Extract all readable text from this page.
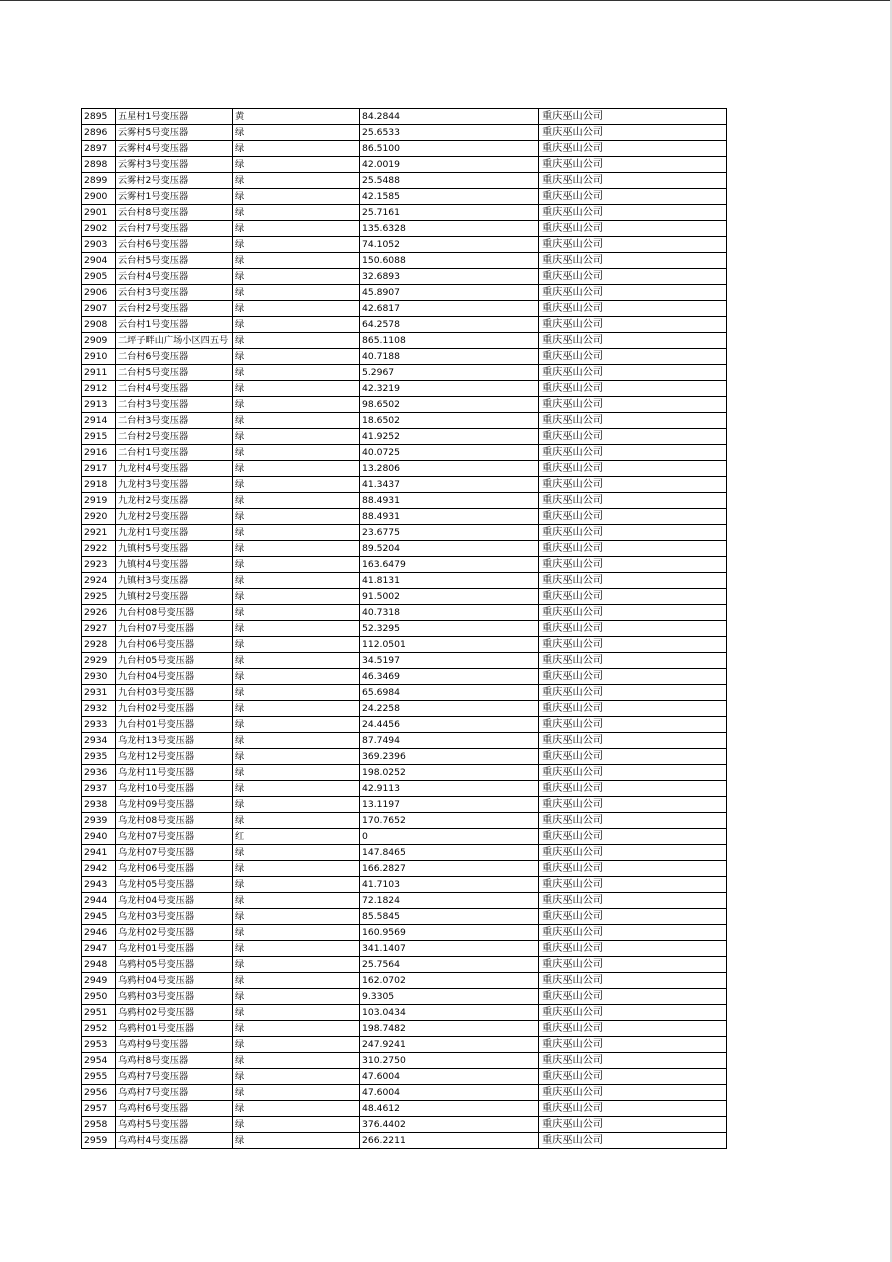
2895	五星村1号变压器	黄	84.2844	重庆巫山公司
2896	云雾村5号变压器	绿	25.6533	重庆巫山公司
2897	云雾村4号变压器	绿	86.5100	重庆巫山公司
2898	云雾村3号变压器	绿	42.0019	重庆巫山公司
2899	云雾村2号变压器	绿	25.5488	重庆巫山公司
2900	云雾村1号变压器	绿	42.1585	重庆巫山公司
2901	云台村8号变压器	绿	25.7161	重庆巫山公司
2902	云台村7号变压器	绿	135.6328	重庆巫山公司
2903	云台村6号变压器	绿	74.1052	重庆巫山公司
2904	云台村5号变压器	绿	150.6088	重庆巫山公司
2905	云台村4号变压器	绿	32.6893	重庆巫山公司
2906	云台村3号变压器	绿	45.8907	重庆巫山公司
2907	云台村2号变压器	绿	42.6817	重庆巫山公司
2908	云台村1号变压器	绿	64.2578	重庆巫山公司
2909	二坪子畔山广场小区四五号	绿	865.1108	重庆巫山公司
2910	二台村6号变压器	绿	40.7188	重庆巫山公司
2911	二台村5号变压器	绿	5.2967	重庆巫山公司
2912	二台村4号变压器	绿	42.3219	重庆巫山公司
2913	二台村3号变压器	绿	98.6502	重庆巫山公司
2914	二台村3号变压器	绿	18.6502	重庆巫山公司
2915	二台村2号变压器	绿	41.9252	重庆巫山公司
2916	二台村1号变压器	绿	40.0725	重庆巫山公司
2917	九龙村4号变压器	绿	13.2806	重庆巫山公司
2918	九龙村3号变压器	绿	41.3437	重庆巫山公司
2919	九龙村2号变压器	绿	88.4931	重庆巫山公司
2920	九龙村2号变压器	绿	88.4931	重庆巫山公司
2921	九龙村1号变压器	绿	23.6775	重庆巫山公司
2922	九镇村5号变压器	绿	89.5204	重庆巫山公司
2923	九镇村4号变压器	绿	163.6479	重庆巫山公司
2924	九镇村3号变压器	绿	41.8131	重庆巫山公司
2925	九镇村2号变压器	绿	91.5002	重庆巫山公司
2926	九台村08号变压器	绿	40.7318	重庆巫山公司
2927	九台村07号变压器	绿	52.3295	重庆巫山公司
2928	九台村06号变压器	绿	112.0501	重庆巫山公司
2929	九台村05号变压器	绿	34.5197	重庆巫山公司
2930	九台村04号变压器	绿	46.3469	重庆巫山公司
2931	九台村03号变压器	绿	65.6984	重庆巫山公司
2932	九台村02号变压器	绿	24.2258	重庆巫山公司
2933	九台村01号变压器	绿	24.4456	重庆巫山公司
2934	乌龙村13号变压器	绿	87.7494	重庆巫山公司
2935	乌龙村12号变压器	绿	369.2396	重庆巫山公司
2936	乌龙村11号变压器	绿	198.0252	重庆巫山公司
2937	乌龙村10号变压器	绿	42.9113	重庆巫山公司
2938	乌龙村09号变压器	绿	13.1197	重庆巫山公司
2939	乌龙村08号变压器	绿	170.7652	重庆巫山公司
2940	乌龙村07号变压器	红	0	重庆巫山公司
2941	乌龙村07号变压器	绿	147.8465	重庆巫山公司
2942	乌龙村06号变压器	绿	166.2827	重庆巫山公司
2943	乌龙村05号变压器	绿	41.7103	重庆巫山公司
2944	乌龙村04号变压器	绿	72.1824	重庆巫山公司
2945	乌龙村03号变压器	绿	85.5845	重庆巫山公司
2946	乌龙村02号变压器	绿	160.9569	重庆巫山公司
2947	乌龙村01号变压器	绿	341.1407	重庆巫山公司
2948	乌鸦村05号变压器	绿	25.7564	重庆巫山公司
2949	乌鸦村04号变压器	绿	162.0702	重庆巫山公司
2950	乌鸦村03号变压器	绿	9.3305	重庆巫山公司
2951	乌鸦村02号变压器	绿	103.0434	重庆巫山公司
2952	乌鸦村01号变压器	绿	198.7482	重庆巫山公司
2953	乌鸡村9号变压器	绿	247.9241	重庆巫山公司
2954	乌鸡村8号变压器	绿	310.2750	重庆巫山公司
2955	乌鸡村7号变压器	绿	47.6004	重庆巫山公司
2956	乌鸡村7号变压器	绿	47.6004	重庆巫山公司
2957	乌鸡村6号变压器	绿	48.4612	重庆巫山公司
2958	乌鸡村5号变压器	绿	376.4402	重庆巫山公司
2959	乌鸡村4号变压器	绿	266.2211	重庆巫山公司
